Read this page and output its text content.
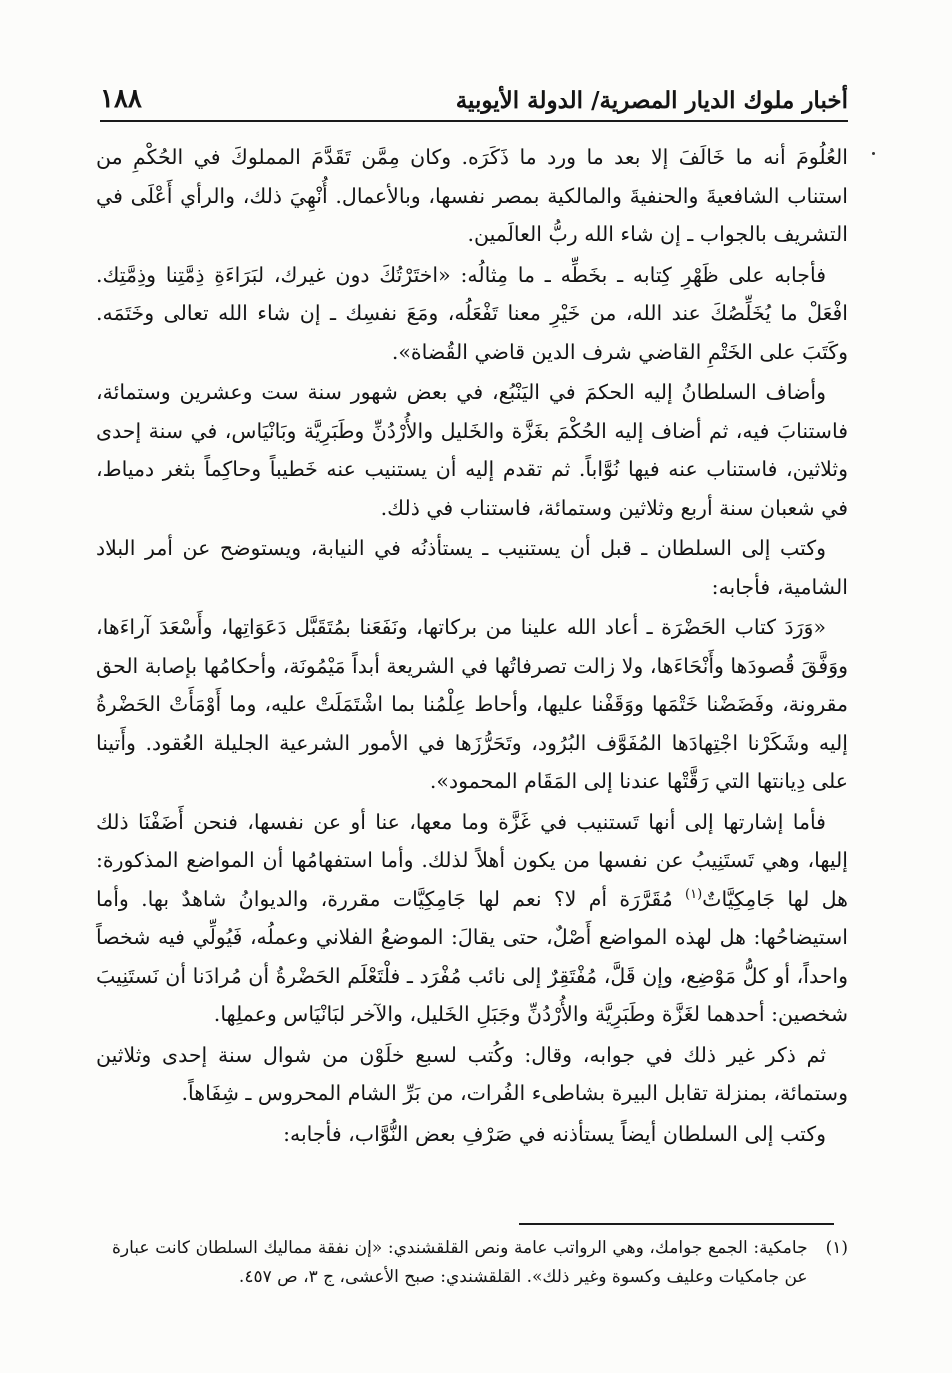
أخبار ملوك الديار المصرية/ الدولة الأيوبية
١٨٨

العُلُومَ أنه ما خَالَفَ إلا بعد ما ورد ما ذَكَرَه. وكان مِمَّن تَقَدَّمَ المملوكَ في الحُكْمِ من استناب الشافعيةَ والحنفيةَ والمالكية بمصر نفسها، وبالأعمال. أُنْهِيَ ذلك، والرأي أَعْلَى في التشريف بالجواب ـ إن شاء الله ربُّ العالَمين.

فأجابه على ظَهْرِ كِتابه ـ بخَطِّه ـ ما مِثالُه: «اختَرْتُكَ دون غيرك، لبَرَاءَةِ ذِمَّتِنا وذِمَّتِك. افْعَلْ ما يُخَلِّصُكَ عند الله، من خَيْرِ معنا تَفْعَلُه، ومَعَ نفسِك ـ إن شاء الله تعالى وخَتَمَه. وكَتَبَ على الخَتْمِ القاضي شرف الدين قاضي القُضاة».

وأضاف السلطانُ إليه الحكمَ في اليَنْبُع، في بعض شهور سنة ست وعشرين وستمائة، فاستنابَ فيه، ثم أضاف إليه الحُكْمَ بغَزَّة والخَليل والأُرْدُنِّ وطَبَرِيَّة وبَانْيَاس، في سنة إحدى وثلاثين، فاستناب عنه فيها نُوَّاباً. ثم تقدم إليه أن يستنيب عنه خَطيباً وحاكِماً بثغر دمياط، في شعبان سنة أربع وثلاثين وستمائة، فاستناب في ذلك.

وكتب إلى السلطان ـ قبل أن يستنيب ـ يستأذنُه في النيابة، ويستوضح عن أمر البلاد الشامية، فأجابه:

«وَرَدَ كتاب الحَضْرَة ـ أعاد الله علينا من بركاتها، ونَفَعَنا بمُتَقَبَّل دَعَوَاتِها، وأَسْعَدَ آراءَها، ووَفَّقَ قُصودَها وأَنْحَاءَها، ولا زالت تصرفاتُها في الشريعة أبداً مَيْمُونَة، وأحكامُها بإصابة الحق مقرونة، وفَضَضْنا خَتْمَها ووَقَفْنا عليها، وأحاط عِلْمُنا بما اشْتَمَلَتْ عليه، وما أَوْمَأَتْ الحَضْرةُ إليه وشَكَرْنا اجْتِهادَها المُفَوَّف البُرُود، وتَحَرُّزَها في الأمور الشرعية الجليلة العُقود. وأَتينا على دِيانتها التي رَقَّتْها عندنا إلى المَقَام المحمود».

فأما إشارتها إلى أنها تَستنيب في غَزَّة وما معها، عنا أو عن نفسها، فنحن أَضَفْنَا ذلك إليها، وهي تَستَنِيبُ عن نفسها من يكون أهلاً لذلك. وأما استفهامُها أن المواضع المذكورة: هل لها جَامِكِيَّاتٌ$^{(١)}$ مُقَرَّرَة أم لا؟ نعم لها جَامِكِيَّات مقررة، والديوانُ شاهدٌ بها. وأما استيضاحُها: هل لهذه المواضع أَصْلٌ، حتى يقالَ: الموضعُ الفلاني وعملُه، فَيُولِّي فيه شخصاً واحداً، أو كلُّ مَوْضِع، وإن قَلَّ، مُفْتَقِرٌ إلى نائب مُفْرَد ـ فلْتَعْلَم الحَضْرةُ أن مُرادَنا أن نَستَنِيبَ شخصين: أحدهما لغَزَّة وطَبَرِيَّة والأُرْدُنِّ وجَبَلِ الخَليل، والآخر لبَانْيَاس وعملِها.

ثم ذكر غير ذلك في جوابه، وقال: وكُتب لسبع خلَوْن من شوال سنة إحدى وثلاثين وستمائة، بمنزلة تقابل البيرة بشاطىء الفُرات، من بَرِّ الشام المحروس ـ شِفَاهاً.

وكتب إلى السلطان أيضاً يستأذنه في صَرْفِ بعض النُّوَّاب، فأجابه:

(١)
جامكية: الجمع جوامك، وهي الرواتب عامة ونص القلقشندي: «إن نفقة مماليك السلطان كانت عبارة عن جامكيات وعليف وكسوة وغير ذلك». القلقشندي: صبح الأعشى، ج ٣، ص ٤٥٧.
